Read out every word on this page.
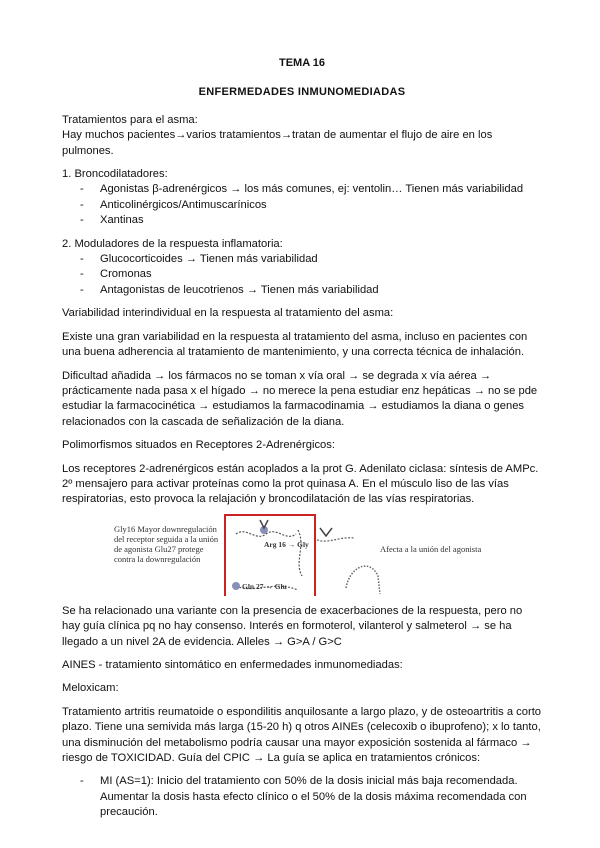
TEMA 16
ENFERMEDADES INMUNOMEDIADAS

Tratamientos para el asma:
Hay muchos pacientes→varios tratamientos→tratan de aumentar el flujo de aire en los pulmones.

1. Broncodilatadores:
- Agonistas β-adrenérgicos → los más comunes, ej: ventolin… Tienen más variabilidad
- Anticolinérgicos/Antimuscarínicos
- Xantinas
2. Moduladores de la respuesta inflamatoria:
- Glucocorticoides → Tienen más variabilidad
- Cromonas
- Antagonistas de leucotrienos → Tienen más variabilidad

Variabilidad interindividual en la respuesta al tratamiento del asma:

Existe una gran variabilidad en la respuesta al tratamiento del asma, incluso en pacientes con una buena adherencia al tratamiento de mantenimiento, y una correcta técnica de inhalación.

Dificultad añadida → los fármacos no se toman x vía oral → se degrada x vía aérea → prácticamente nada pasa x el hígado → no merece la pena estudiar enz hepáticas → no se pde estudiar la farmacocinética → estudiamos la farmacodinamia → estudiamos la diana o genes relacionados con la cascada de señalización de la diana.

Polimorfismos situados en Receptores 2-Adrenérgicos:

Los receptores 2-adrenérgicos están acoplados a la prot G. Adenilato ciclasa: síntesis de AMPc. 2º mensajero para activar proteínas como la prot quinasa A. En el músculo liso de las vías respiratorias, esto provoca la relajación y broncodilatación de las vías respiratorias.

Gly16 Mayor downregulación del receptor seguida a la unión de agonista Glu27 protege contra la downregulación
Arg 16 → Gly
Gln 27 → Glu
Afecta a la unión del agonista

Se ha relacionado una variante con la presencia de exacerbaciones de la respuesta, pero no hay guía clínica pq no hay consenso. Interés en formoterol, vilanterol y salmeterol → se ha llegado a un nivel 2A de evidencia. Alleles → G>A / G>C

AINES - tratamiento sintomático en enfermedades inmunomediadas:

Meloxicam:

Tratamiento artritis reumatoide o espondilitis anquilosante a largo plazo, y de osteoartritis a corto plazo. Tiene una semivida más larga (15-20 h) q otros AINEs (celecoxib o ibuprofeno); x lo tanto, una disminución del metabolismo podría causar una mayor exposición sostenida al fármaco → riesgo de TOXICIDAD. Guía del CPIC → La guía se aplica en tratamientos crónicos:

- MI (AS=1): Inicio del tratamiento con 50% de la dosis inicial más baja recomendada. Aumentar la dosis hasta efecto clínico o el 50% de la dosis máxima recomendada con precaución.
